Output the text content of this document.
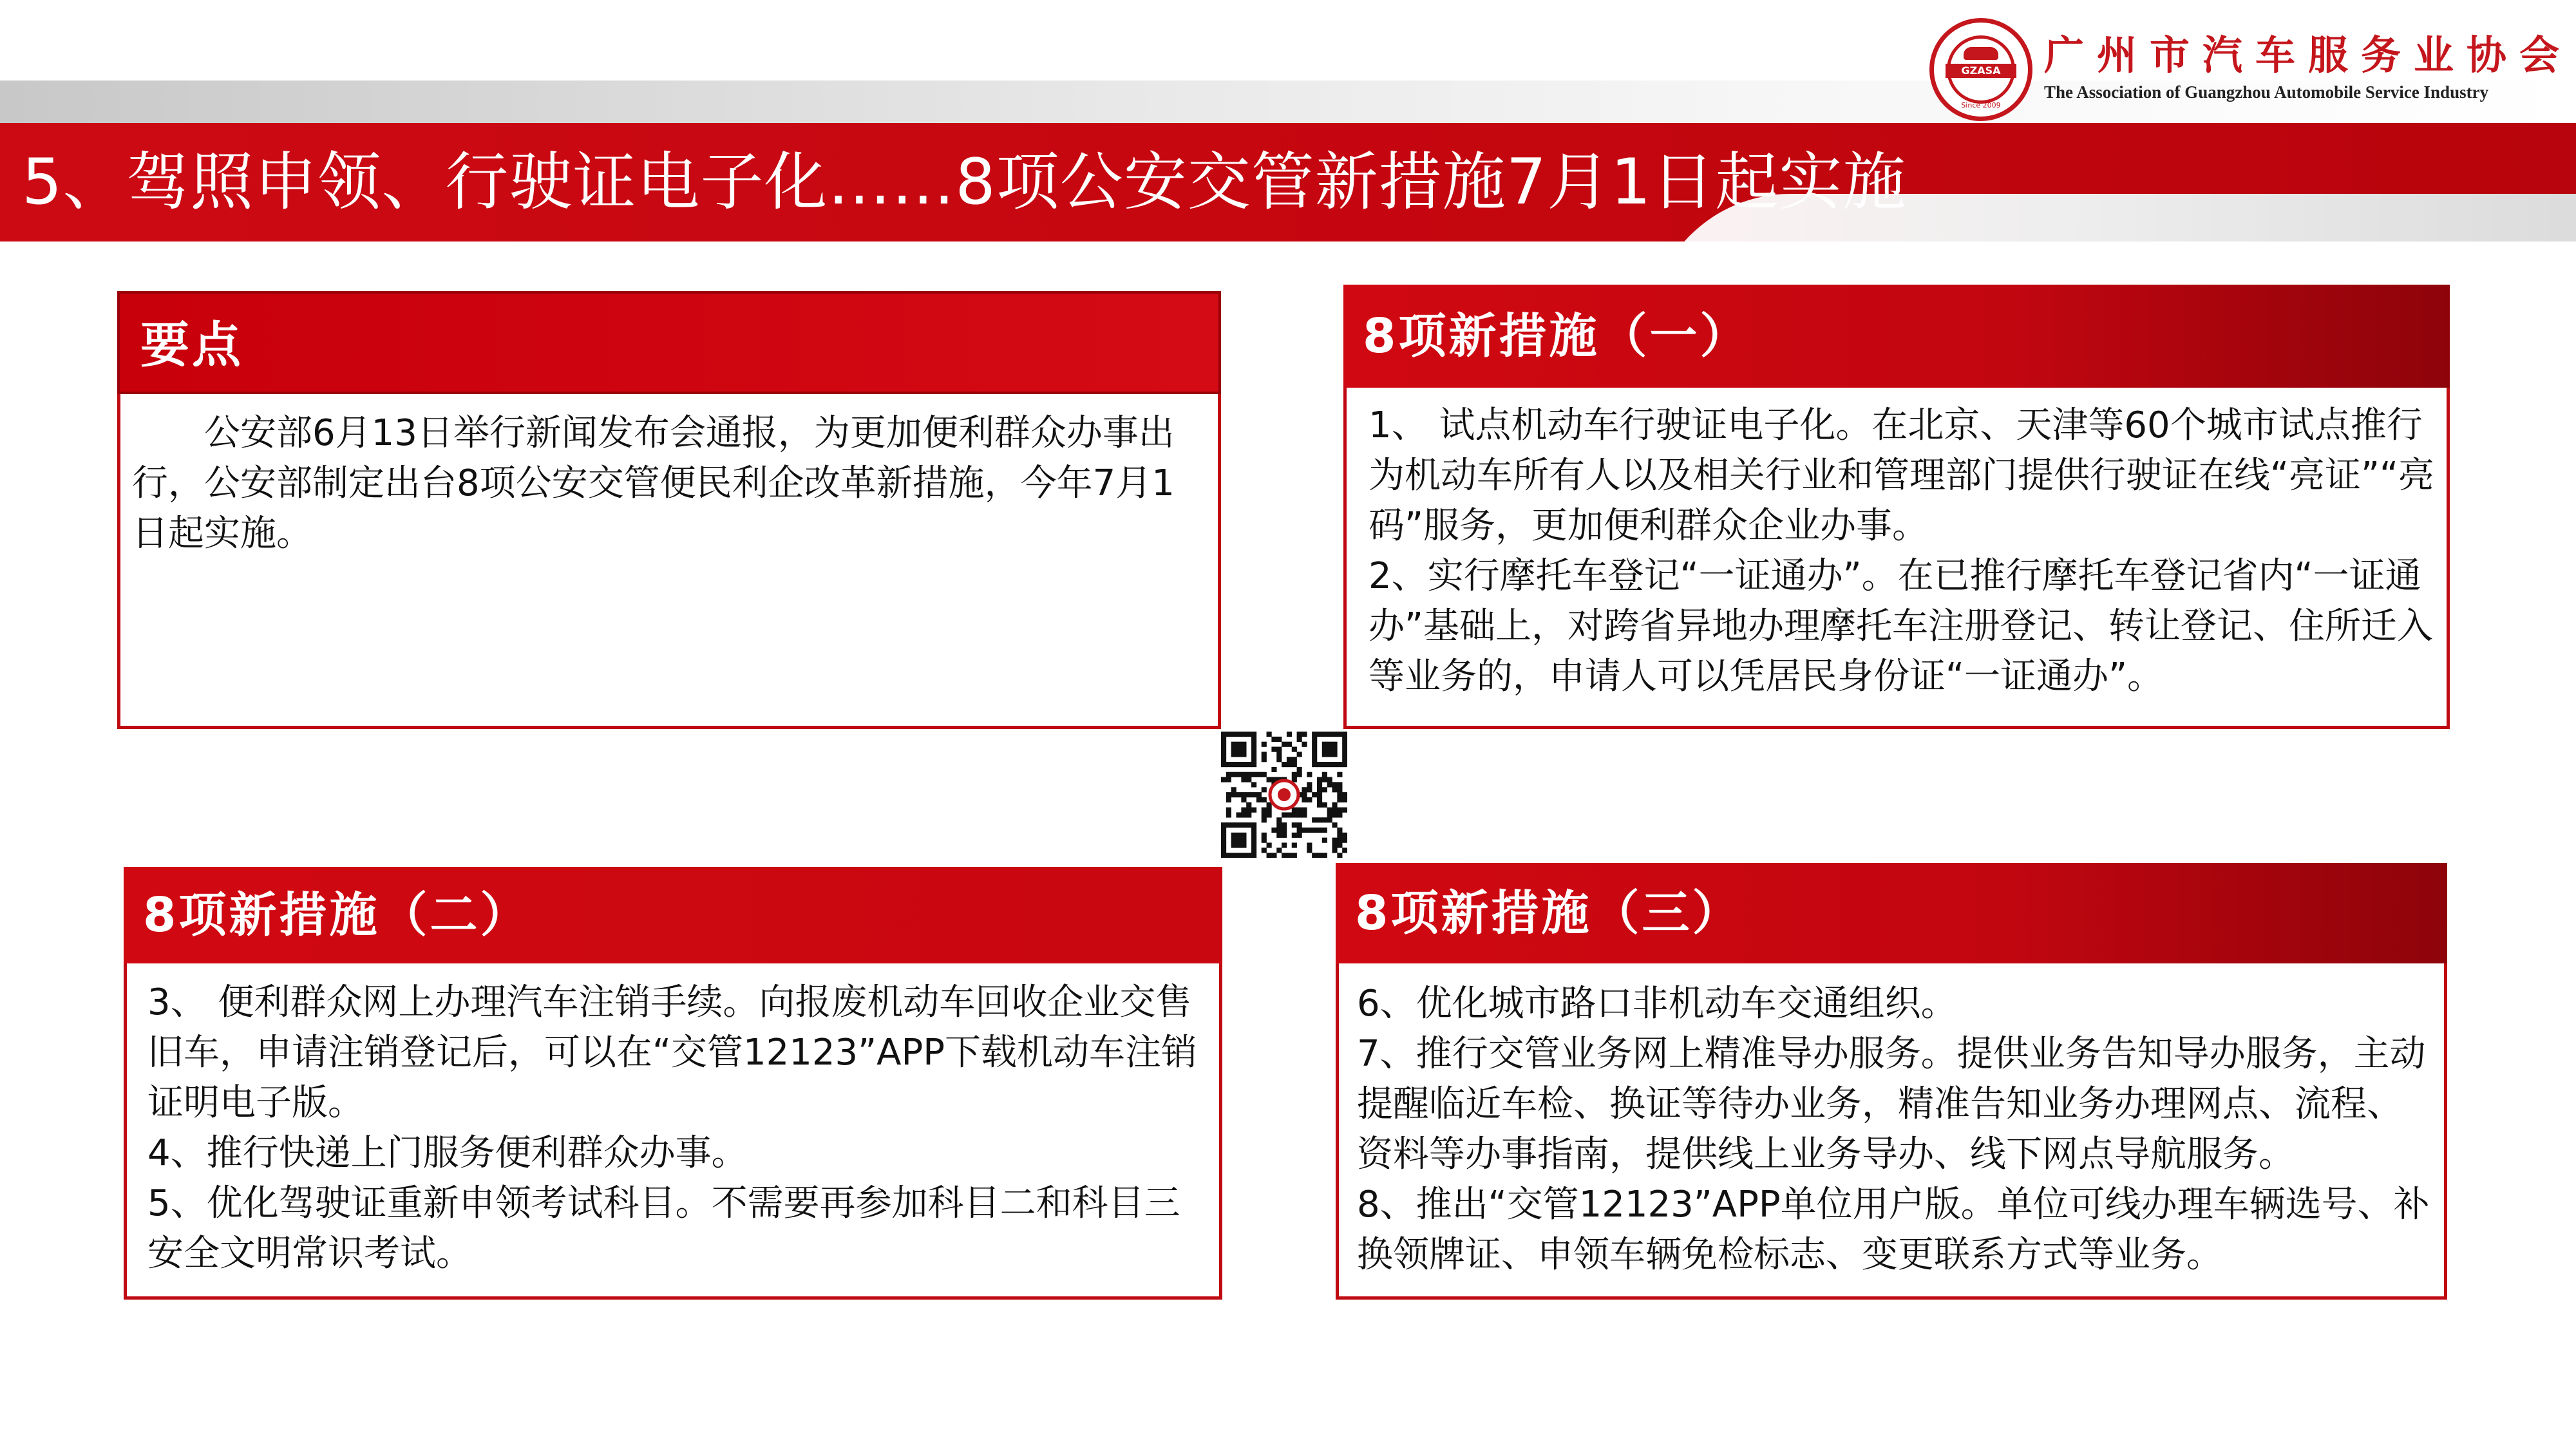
5、驾照申领、行驶证电子化……8项公安交管新措施7月1日起实施
GZASA
Since 2009
广州市汽车服务业协会
The Association of Guangzhou Automobile Service Industry
要点

　　公安部6月13日举行新闻发布会通报，为更加便利群众办事出行，公安部制定出台8项公安交管便民利企改革新措施，今年7月1日起实施。

8项新措施（一）

1、 试点机动车行驶证电子化。在北京、天津等60个城市试点推行为机动车所有人以及相关行业和管理部门提供行驶证在线“亮证”“亮码”服务，更加便利群众企业办事。

2、实行摩托车登记“一证通办”。在已推行摩托车登记省内“一证通办”基础上，对跨省异地办理摩托车注册登记、转让登记、住所迁入等业务的，申请人可以凭居民身份证“一证通办”。

8项新措施（二）

3、 便利群众网上办理汽车注销手续。向报废机动车回收企业交售旧车，申请注销登记后，可以在“交管12123”APP下载机动车注销证明电子版。

4、推行快递上门服务便利群众办事。

5、优化驾驶证重新申领考试科目。不需要再参加科目二和科目三安全文明常识考试。

8项新措施（三）

6、优化城市路口非机动车交通组织。

7、推行交管业务网上精准导办服务。提供业务告知导办服务，主动提醒临近车检、换证等待办业务，精准告知业务办理网点、流程、资料等办事指南，提供线上业务导办、线下网点导航服务。

8、推出“交管12123”APP单位用户版。单位可线办理车辆选号、补换领牌证、申领车辆免检标志、变更联系方式等业务。
